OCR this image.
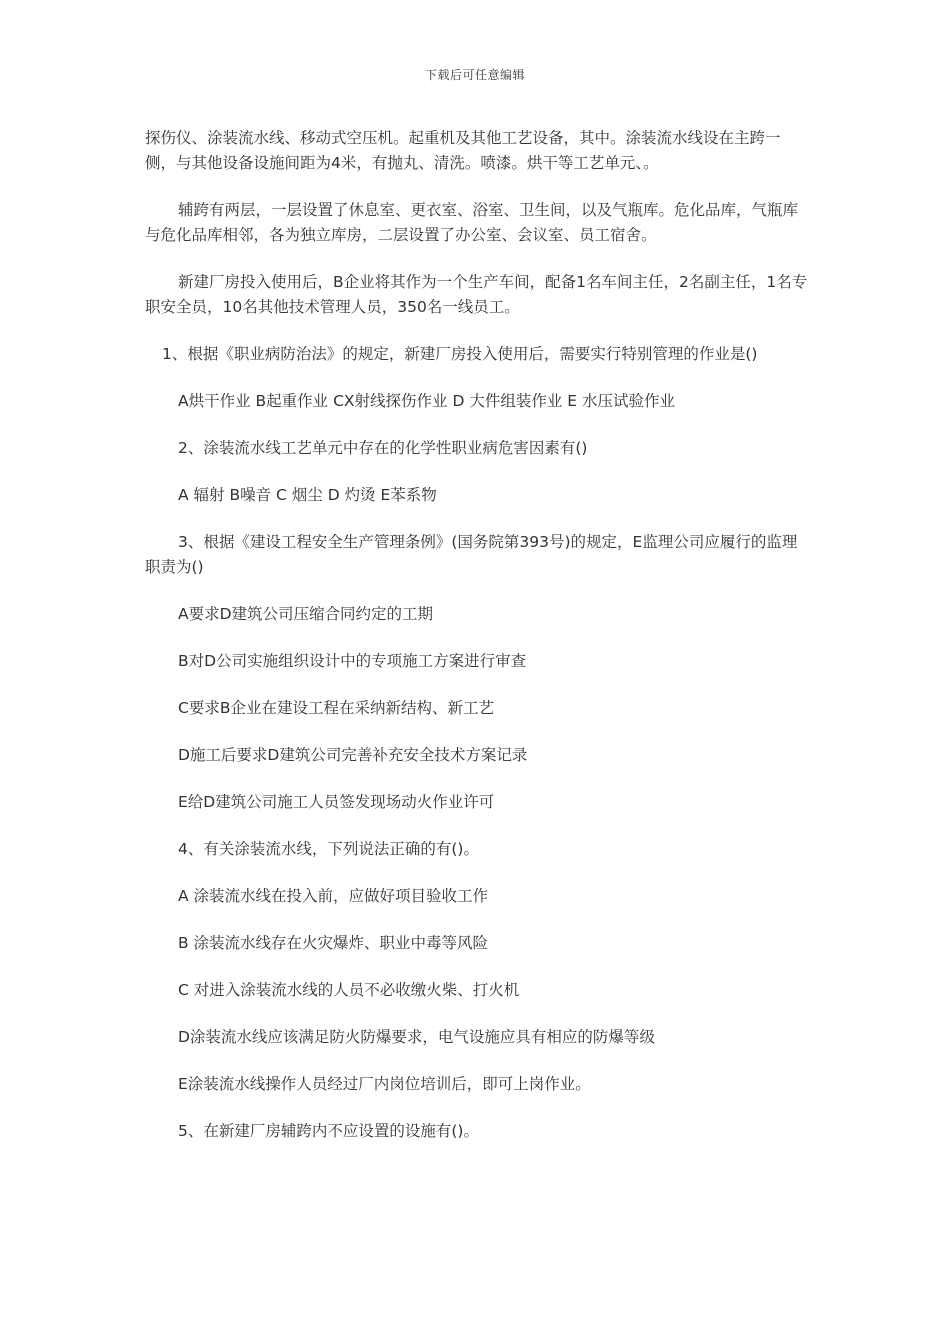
下载后可任意编辑

探伤仪、涂装流水线、移动式空压机。起重机及其他工艺设备，其中。涂装流水线设在主跨一侧，与其他设备设施间距为4米，有抛丸、清洗。喷漆。烘干等工艺单元、。

辅跨有两层，一层设置了休息室、更衣室、浴室、卫生间，以及气瓶库。危化品库，气瓶库与危化品库相邻，各为独立库房，二层设置了办公室、会议室、员工宿舍。

新建厂房投入使用后，B企业将其作为一个生产车间，配备1名车间主任，2名副主任，1名专职安全员，10名其他技术管理人员，350名一线员工。

1、根据《职业病防治法》的规定，新建厂房投入使用后，需要实行特别管理的作业是()

A烘干作业 B起重作业 CX射线探伤作业 D 大件组装作业 E 水压试验作业

2、涂装流水线工艺单元中存在的化学性职业病危害因素有()

A 辐射 B噪音 C 烟尘 D 灼烫 E苯系物

3、根据《建设工程安全生产管理条例》(国务院第393号)的规定，E监理公司应履行的监理职责为()

A要求D建筑公司压缩合同约定的工期

B对D公司实施组织设计中的专项施工方案进行审查

C要求B企业在建设工程在采纳新结构、新工艺

D施工后要求D建筑公司完善补充安全技术方案记录

E给D建筑公司施工人员签发现场动火作业许可

4、有关涂装流水线，下列说法正确的有()。

A 涂装流水线在投入前，应做好项目验收工作

B 涂装流水线存在火灾爆炸、职业中毒等风险

C 对进入涂装流水线的人员不必收缴火柴、打火机

D涂装流水线应该满足防火防爆要求，电气设施应具有相应的防爆等级

E涂装流水线操作人员经过厂内岗位培训后，即可上岗作业。

5、在新建厂房辅跨内不应设置的设施有()。
